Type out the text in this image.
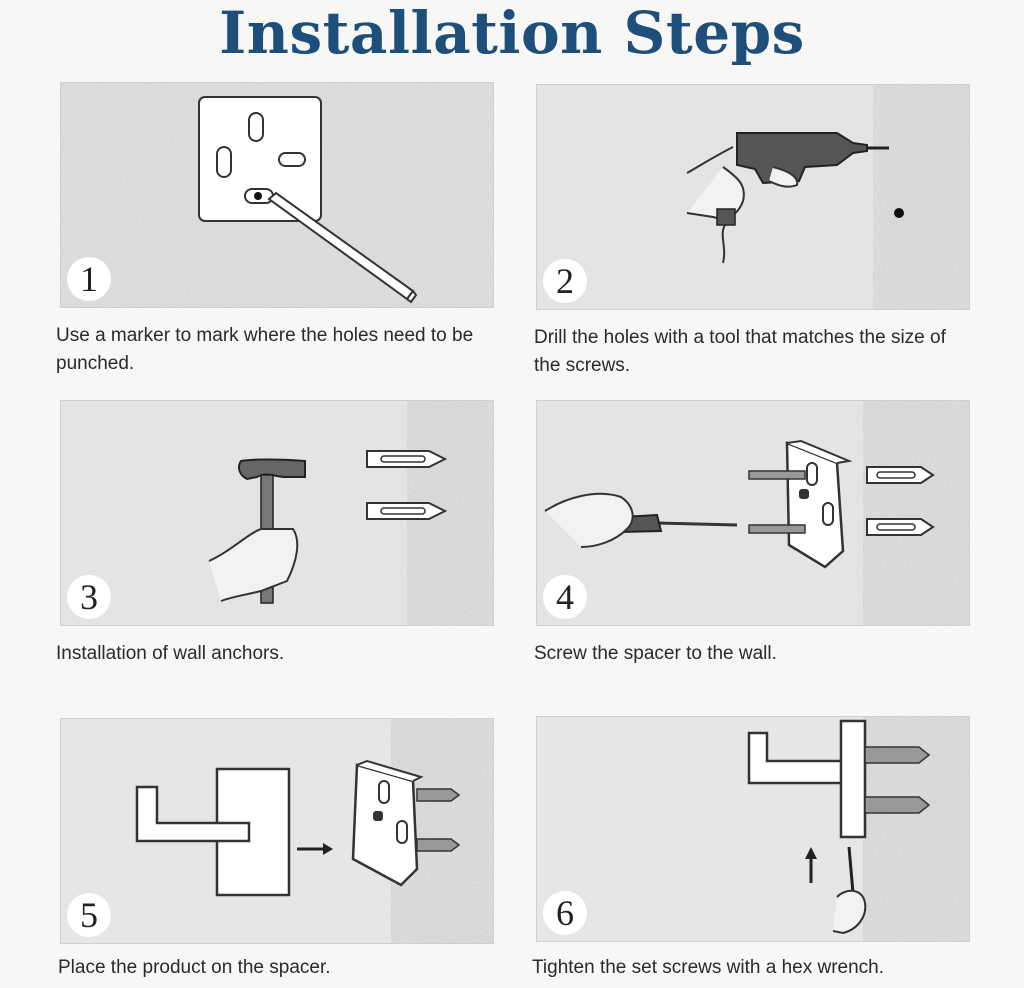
Installation Steps
1
Use a marker to mark where the holes need to be punched.
2
Drill the holes with a tool that matches the size of the screws.
3
Installation of wall anchors.
4
Screw the spacer to the wall.
5
Place the product on the spacer.
6
Tighten the set screws with a hex wrench.
